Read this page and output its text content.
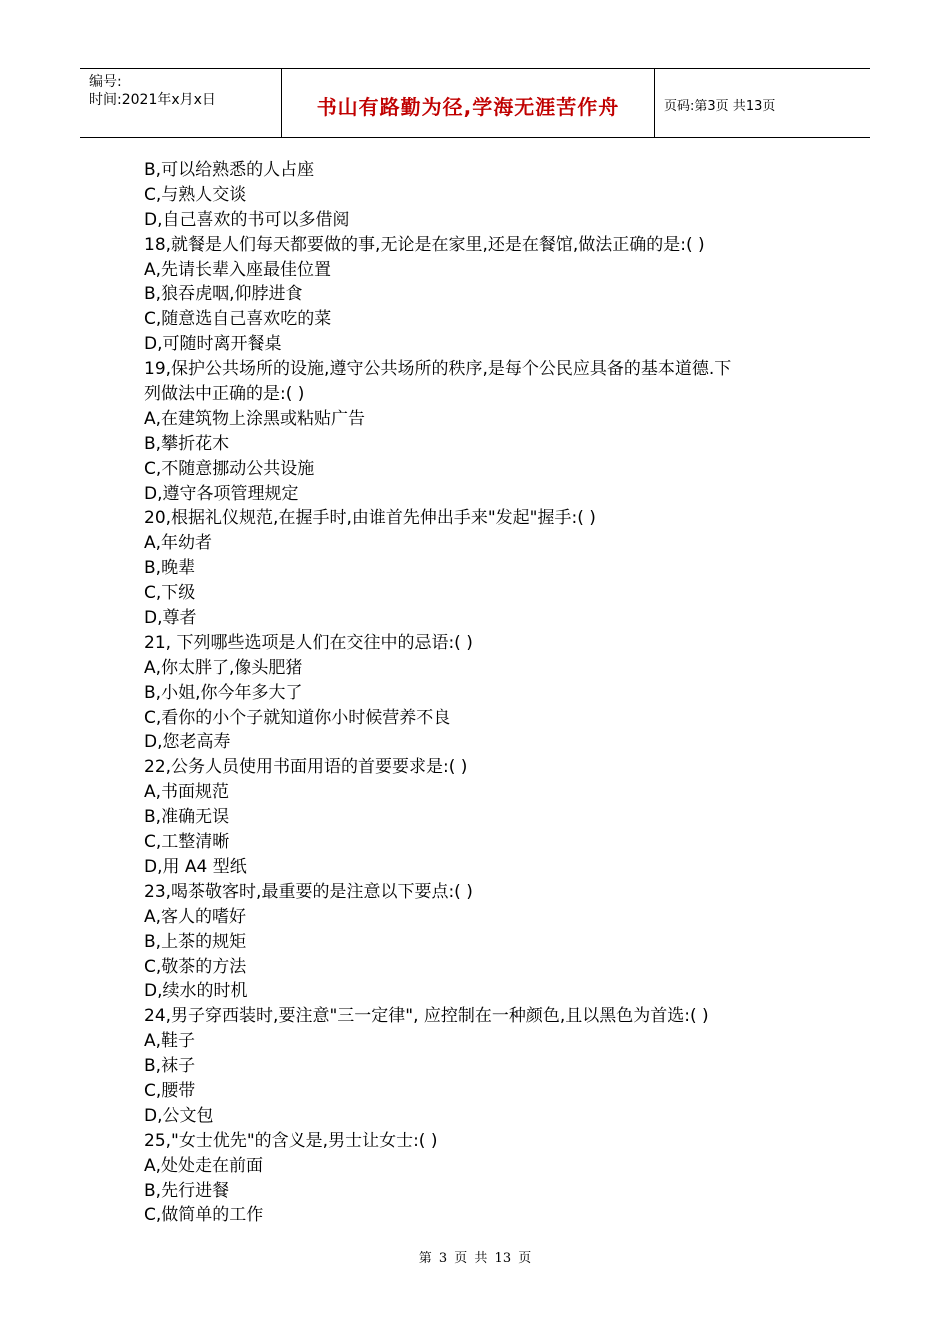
编号:
时间:2021年x月x日	书山有路勤为径,学海无涯苦作舟	页码:第3页 共13页
B,可以给熟悉的人占座
C,与熟人交谈
D,自己喜欢的书可以多借阅
18,就餐是人们每天都要做的事,无论是在家里,还是在餐馆,做法正确的是:( )
A,先请长辈入座最佳位置
B,狼吞虎咽,仰脖进食
C,随意选自己喜欢吃的菜
D,可随时离开餐桌
19,保护公共场所的设施,遵守公共场所的秩序,是每个公民应具备的基本道德.下
列做法中正确的是:( )
A,在建筑物上涂黑或粘贴广告
B,攀折花木
C,不随意挪动公共设施
D,遵守各项管理规定
20,根据礼仪规范,在握手时,由谁首先伸出手来"发起"握手:( )
A,年幼者
B,晚辈
C,下级
D,尊者
21, 下列哪些选项是人们在交往中的忌语:( )
A,你太胖了,像头肥猪
B,小姐,你今年多大了
C,看你的小个子就知道你小时候营养不良
D,您老高寿
22,公务人员使用书面用语的首要要求是:( )
A,书面规范
B,准确无误
C,工整清晰
D,用 A4 型纸
23,喝茶敬客时,最重要的是注意以下要点:( )
A,客人的嗜好
B,上茶的规矩
C,敬茶的方法
D,续水的时机
24,男子穿西装时,要注意"三一定律", 应控制在一种颜色,且以黑色为首选:( )
A,鞋子
B,袜子
C,腰带
D,公文包
25,"女士优先"的含义是,男士让女士:( )
A,处处走在前面
B,先行进餐
C,做简单的工作
第 3 页 共 13 页
